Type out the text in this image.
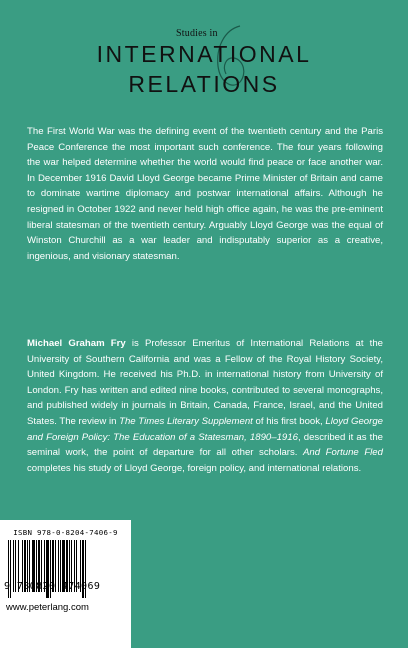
Studies in
INTERNATIONAL
RELATIONS

The First World War was the defining event of the twentieth century and the Paris Peace Conference the most important such conference. The four years following the war helped determine whether the world would find peace or face another war. In December 1916 David Lloyd George became Prime Minister of Britain and came to dominate wartime diplomacy and postwar international affairs. Although he resigned in October 1922 and never held high office again, he was the pre-eminent liberal statesman of the twentieth century. Arguably Lloyd George was the equal of Winston Churchill as a war leader and indisputably superior as a creative, ingenious, and visionary statesman.

Michael Graham Fry is Professor Emeritus of International Relations at the University of Southern California and was a Fellow of the Royal History Society, United Kingdom. He received his Ph.D. in international history from University of London. Fry has written and edited nine books, contributed to several monographs, and published widely in journals in Britain, Canada, France, Israel, and the United States. The review in The Times Literary Supplement of his first book, Lloyd George and Foreign Policy: The Education of a Statesman, 1890–1916, described it as the seminal work, the point of departure for all other scholars. And Fortune Fled completes his study of Lloyd George, foreign policy, and international relations.

ISBN 978-0-8204-7406-9
9 780820 474069
www.peterlang.com
